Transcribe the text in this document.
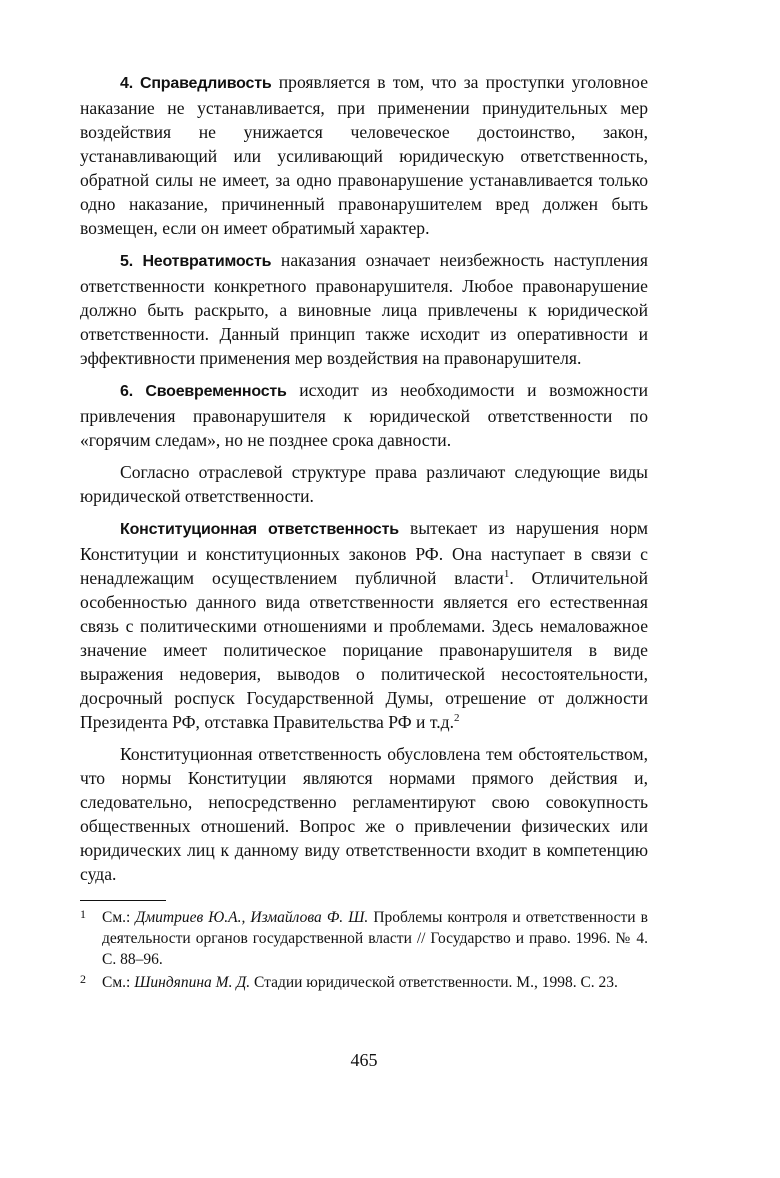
4. Справедливость проявляется в том, что за проступки уголовное наказание не устанавливается, при применении принудительных мер воздействия не унижается человеческое достоинство, закон, устанавливающий или усиливающий юридическую ответственность, обратной силы не имеет, за одно правонарушение устанавливается только одно наказание, причиненный правонарушителем вред должен быть возмещен, если он имеет обратимый характер.

5. Неотвратимость наказания означает неизбежность наступления ответственности конкретного правонарушителя. Любое правонарушение должно быть раскрыто, а виновные лица привлечены к юридической ответственности. Данный принцип также исходит из оперативности и эффективности применения мер воздействия на правонарушителя.

6. Своевременность исходит из необходимости и возможности привлечения правонарушителя к юридической ответственности по «горячим следам», но не позднее срока давности.

Согласно отраслевой структуре права различают следующие виды юридической ответственности.

Конституционная ответственность вытекает из нарушения норм Конституции и конституционных законов РФ. Она наступает в связи с ненадлежащим осуществлением публичной власти$^1$. Отличительной особенностью данного вида ответственности является его естественная связь с политическими отношениями и проблемами. Здесь немаловажное значение имеет политическое порицание правонарушителя в виде выражения недоверия, выводов о политической несостоятельности, досрочный роспуск Государственной Думы, отрешение от должности Президента РФ, отставка Правительства РФ и т.д.$^2$

Конституционная ответственность обусловлена тем обстоятельством, что нормы Конституции являются нормами прямого действия и, следовательно, непосредственно регламентируют свою совокупность общественных отношений. Вопрос же о привлечении физических или юридических лиц к данному виду ответственности входит в компетенцию суда.

1	См.: Дмитриев Ю.А., Измайлова Ф. Ш. Проблемы контроля и ответственности в деятельности органов государственной власти // Государство и право. 1996. № 4. С. 88–96.
2	См.: Шиндяпина М. Д. Стадии юридической ответственности. М., 1998. С. 23.
465
